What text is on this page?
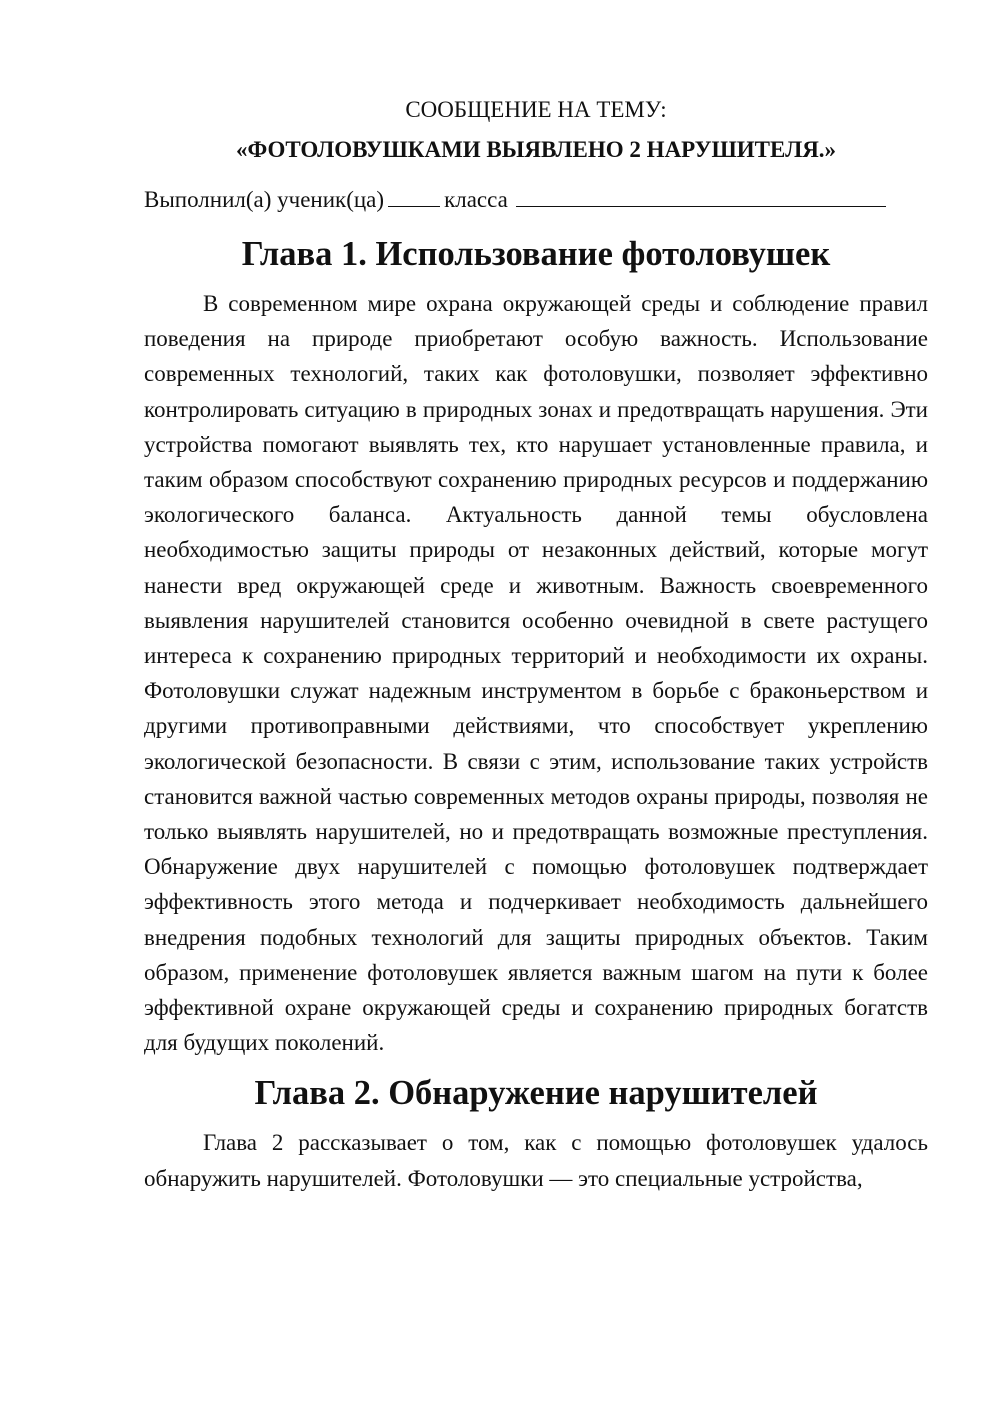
СООБЩЕНИЕ НА ТЕМУ:

«ФОТОЛОВУШКАМИ ВЫЯВЛЕНО 2 НАРУШИТЕЛЯ.»

Выполнил(а) ученик(ца)	класса

Глава 1. Использование фотоловушек

В современном мире охрана окружающей среды и соблюдение правил поведения на природе приобретают особую важность. Использование современных технологий, таких как фотоловушки, позволяет эффективно контролировать ситуацию в природных зонах и предотвращать нарушения. Эти устройства помогают выявлять тех, кто нарушает установленные правила, и таким образом способствуют сохранению природных ресурсов и поддержанию экологического баланса. Актуальность данной темы обусловлена необходимостью защиты природы от незаконных действий, которые могут нанести вред окружающей среде и животным. Важность своевременного выявления нарушителей становится особенно очевидной в свете растущего интереса к сохранению природных территорий и необходимости их охраны. Фотоловушки служат надежным инструментом в борьбе с браконьерством и другими противоправными действиями, что способствует укреплению экологической безопасности. В связи с этим, использование таких устройств становится важной частью современных методов охраны природы, позволяя не только выявлять нарушителей, но и предотвращать возможные преступления. Обнаружение двух нарушителей с помощью фотоловушек подтверждает эффективность этого метода и подчеркивает необходимость дальнейшего внедрения подобных технологий для защиты природных объектов. Таким образом, применение фотоловушек является важным шагом на пути к более эффективной охране окружающей среды и сохранению природных богатств для будущих поколений.

Глава 2. Обнаружение нарушителей

Глава 2 рассказывает о том, как с помощью фотоловушек удалось обнаружить нарушителей. Фотоловушки — это специальные устройства,
